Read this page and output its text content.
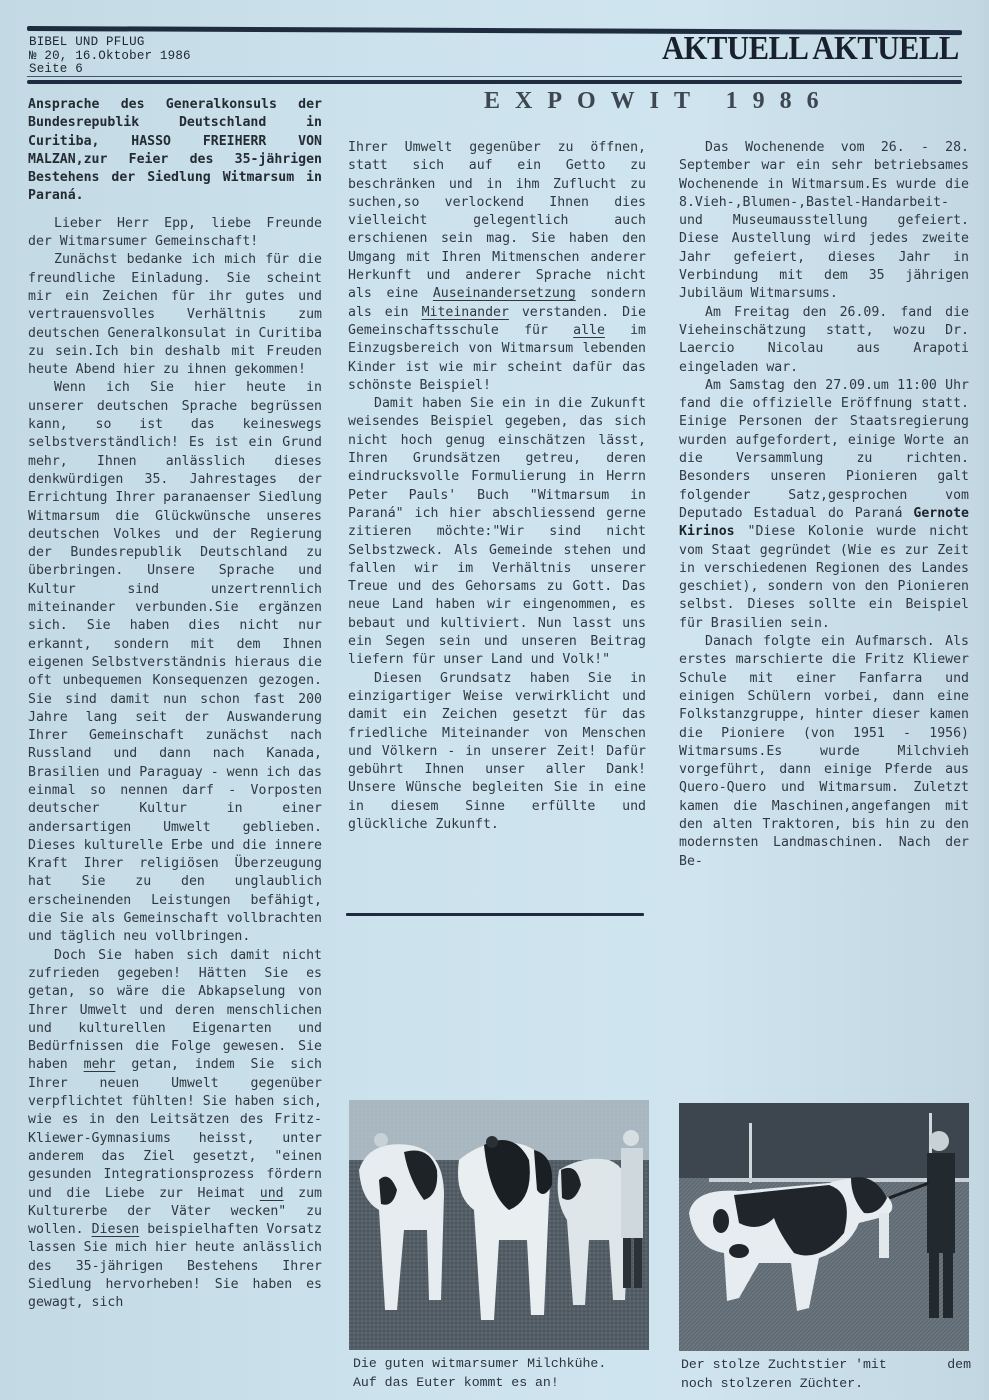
BIBEL UND PFLUG
№ 20, 16.Oktober 1986
Seite 6
AKTUELL AKTUELL
EXPOWIT 1986

Ansprache des Generalkonsuls der Bundesrepublik Deutschland in Curitiba, HASSO FREIHERR VON MALZAN,zur Feier des 35-jährigen Bestehens der Siedlung Witmarsum in Paraná.

Lieber Herr Epp, liebe Freunde der Witmarsumer Gemeinschaft!

Zunächst bedanke ich mich für die freundliche Einladung. Sie scheint mir ein Zeichen für ihr gutes und vertrauensvolles Verhältnis zum deutschen Generalkonsulat in Curitiba zu sein.Ich bin deshalb mit Freuden heute Abend hier zu ihnen gekommen!

Wenn ich Sie hier heute in unserer deutschen Sprache begrüssen kann, so ist das keineswegs selbstverständlich! Es ist ein Grund mehr, Ihnen anlässlich dieses denkwürdigen 35. Jahrestages der Errichtung Ihrer paranaenser Siedlung Witmarsum die Glückwünsche unseres deutschen Volkes und der Regierung der Bundesrepublik Deutschland zu überbringen. Unsere Sprache und Kultur sind unzertrennlich miteinander verbunden.Sie ergänzen sich. Sie haben dies nicht nur erkannt, sondern mit dem Ihnen eigenen Selbstverständnis hieraus die oft unbequemen Konsequenzen gezogen. Sie sind damit nun schon fast 200 Jahre lang seit der Auswanderung Ihrer Gemeinschaft zunächst nach Russland und dann nach Kanada, Brasilien und Paraguay - wenn ich das einmal so nennen darf - Vorposten deutscher Kultur in einer andersartigen Umwelt geblieben. Dieses kulturelle Erbe und die innere Kraft Ihrer religiösen Überzeugung hat Sie zu den unglaublich erscheinenden Leistungen befähigt, die Sie als Gemeinschaft vollbrachten und täglich neu vollbringen.

Doch Sie haben sich damit nicht zufrieden gegeben! Hätten Sie es getan, so wäre die Abkapselung von Ihrer Umwelt und deren menschlichen und kulturellen Eigenarten und Bedürfnissen die Folge gewesen. Sie haben mehr getan, indem Sie sich Ihrer neuen Umwelt gegenüber verpflichtet fühlten! Sie haben sich, wie es in den Leitsätzen des Fritz-Kliewer-Gymnasiums heisst, unter anderem das Ziel gesetzt, "einen gesunden Integrationsprozess fördern und die Liebe zur Heimat und zum Kulturerbe der Väter wecken" zu wollen. Diesen beispielhaften Vorsatz lassen Sie mich hier heute anlässlich des 35-jährigen Bestehens Ihrer Siedlung hervorheben! Sie haben es gewagt, sich

Ihrer Umwelt gegenüber zu öffnen, statt sich auf ein Getto zu beschränken und in ihm Zuflucht zu suchen,so verlockend Ihnen dies vielleicht gelegentlich auch erschienen sein mag. Sie haben den Umgang mit Ihren Mitmenschen anderer Herkunft und anderer Sprache nicht als eine Auseinandersetzung sondern als ein Miteinander verstanden. Die Gemeinschaftsschule für alle im Einzugsbereich von Witmarsum lebenden Kinder ist wie mir scheint dafür das schönste Beispiel!

Damit haben Sie ein in die Zukunft weisendes Beispiel gegeben, das sich nicht hoch genug einschätzen lässt, Ihren Grundsätzen getreu, deren eindrucksvolle Formulierung in Herrn Peter Pauls' Buch "Witmarsum in Paraná" ich hier abschliessend gerne zitieren möchte:"Wir sind nicht Selbstzweck. Als Gemeinde stehen und fallen wir im Verhältnis unserer Treue und des Gehorsams zu Gott. Das neue Land haben wir eingenommen, es bebaut und kultiviert. Nun lasst uns ein Segen sein und unseren Beitrag liefern für unser Land und Volk!"

Diesen Grundsatz haben Sie in einzigartiger Weise verwirklicht und damit ein Zeichen gesetzt für das friedliche Miteinander von Menschen und Völkern - in unserer Zeit! Dafür gebührt Ihnen unser aller Dank! Unsere Wünsche begleiten Sie in eine in diesem Sinne erfüllte und glückliche Zukunft.

Das Wochenende vom 26. - 28. September war ein sehr betriebsames Wochenende in Witmarsum.Es wurde die 8.Vieh-,Blumen-,Bastel-Handarbeit-und Museumausstellung gefeiert. Diese Austellung wird jedes zweite Jahr gefeiert, dieses Jahr in Verbindung mit dem 35 jährigen Jubiläum Witmarsums.

Am Freitag den 26.09. fand die Vieheinschätzung statt, wozu Dr. Laercio Nicolau aus Arapoti eingeladen war.

Am Samstag den 27.09.um 11:00 Uhr fand die offizielle Eröffnung statt. Einige Personen der Staatsregierung wurden aufgefordert, einige Worte an die Versammlung zu richten. Besonders unseren Pionieren galt folgender Satz,gesprochen vom Deputado Estadual do Paraná Gernote Kirinos "Diese Kolonie wurde nicht vom Staat gegründet (Wie es zur Zeit in verschiedenen Regionen des Landes geschiet), sondern von den Pionieren selbst. Dieses sollte ein Beispiel für Brasilien sein.

Danach folgte ein Aufmarsch. Als erstes marschierte die Fritz Kliewer Schule mit einer Fanfarra und einigen Schülern vorbei, dann eine Folkstanzgruppe, hinter dieser kamen die Pioniere (von 1951 - 1956) Witmarsums.Es wurde Milchvieh vorgeführt, dann einige Pferde aus Quero-Quero und Witmarsum. Zuletzt kamen die Maschinen,angefangen mit den alten Traktoren, bis hin zu den modernsten Landmaschinen. Nach der Be-

Die guten witmarsumer Milchkühe.
Auf das Euter kommt es an!
Der stolze Zuchtstier 'mit	dem
noch stolzeren Züchter.
